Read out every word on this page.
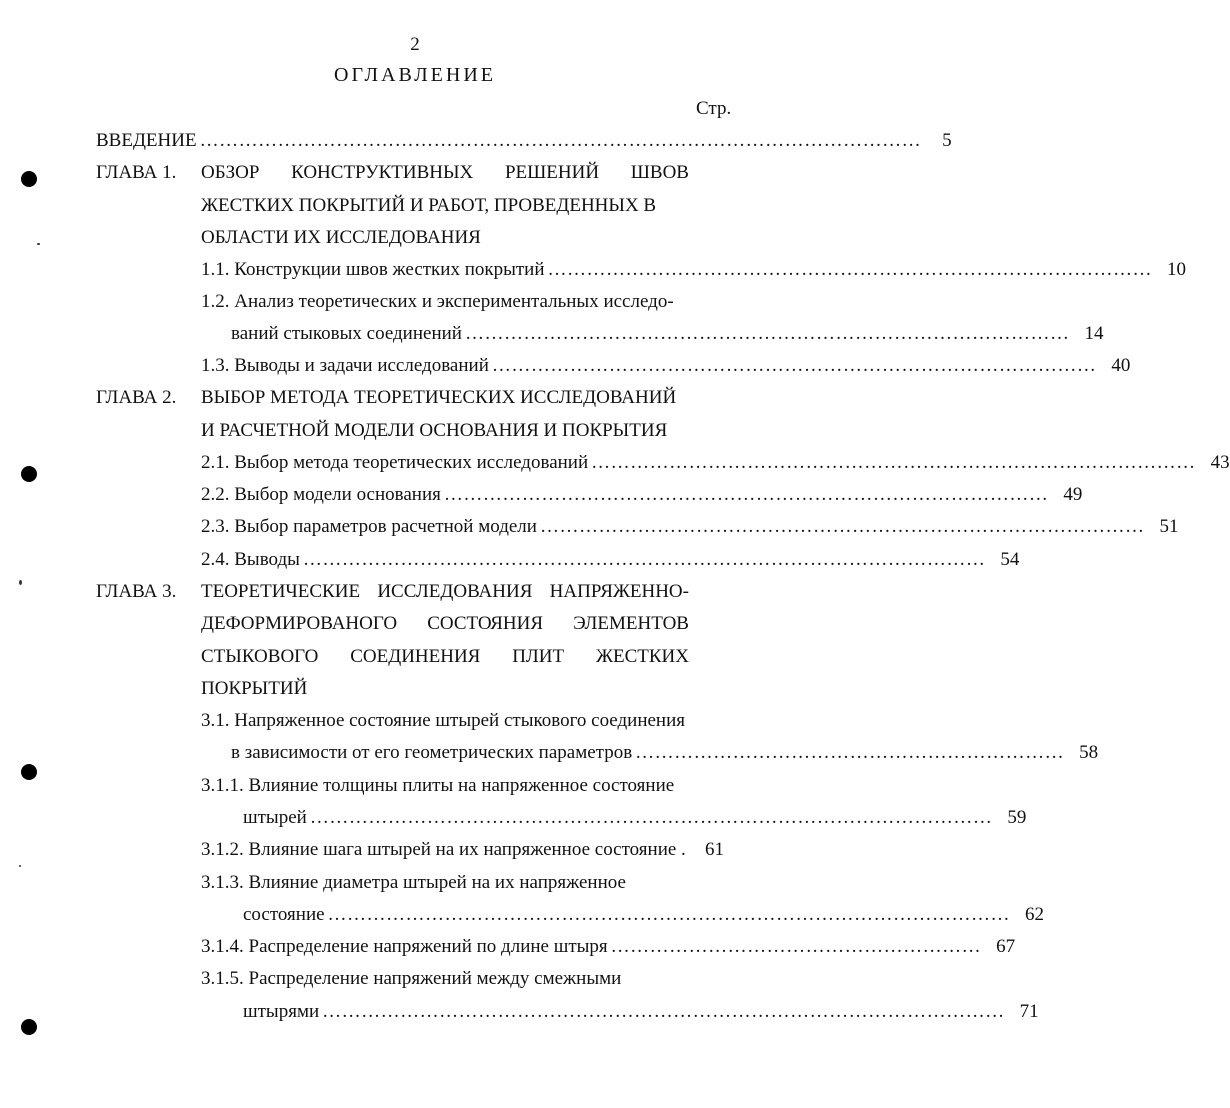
2
ОГЛАВЛЕНИЕ
Стр.
ВВЕДЕНИЕ ………………………………………………………………………………………………… 5
ГЛАВА 1. ОБЗОР КОНСТРУКТИВНЫХ РЕШЕНИЙ ШВОВ
ЖЕСТКИХ ПОКРЫТИЙ И РАБОТ, ПРОВЕДЕННЫХ В
ОБЛАСТИ ИХ ИССЛЕДОВАНИЯ
1.1. Конструкции швов жестких покрытий ………………………………………………………………………………… 10
1.2. Анализ теоретических и экспериментальных исследо-
ваний стыковых соединений ………………………………………………………………………………… 14
1.3. Выводы и задачи исследований ………………………………………………………………………………… 40
ГЛАВА 2. ВЫБОР МЕТОДА ТЕОРЕТИЧЕСКИХ ИССЛЕДОВАНИЙ
И РАСЧЕТНОЙ МОДЕЛИ ОСНОВАНИЯ И ПОКРЫТИЯ
2.1. Выбор метода теоретических исследований ………………………………………………………………………………… 43
2.2. Выбор модели основания ………………………………………………………………………………… 49
2.3. Выбор параметров расчетной модели ………………………………………………………………………………… 51
2.4. Выводы …………………………………………………………………………………………… 54
ГЛАВА 3. ТЕОРЕТИЧЕСКИЕ ИССЛЕДОВАНИЯ НАПРЯЖЕННО-
ДЕФОРМИРОВАНОГО СОСТОЯНИЯ ЭЛЕМЕНТОВ
СТЫКОВОГО СОЕДИНЕНИЯ ПЛИТ ЖЕСТКИХ
ПОКРЫТИЙ
3.1. Напряженное состояние штырей стыкового соединения
в зависимости от его геометрических параметров ………………………………………………………… 58
3.1.1. Влияние толщины плиты на напряженное состояние
штырей …………………………………………………………………………………………… 59
3.1.2. Влияние шага штырей на их напряженное состояние . 61
3.1.3. Влияние диаметра штырей на их напряженное
состояние …………………………………………………………………………………………… 62
3.1.4. Распределение напряжений по длине штыря ………………………………………………… 67
3.1.5. Распределение напряжений между смежными
штырями …………………………………………………………………………………………… 71
